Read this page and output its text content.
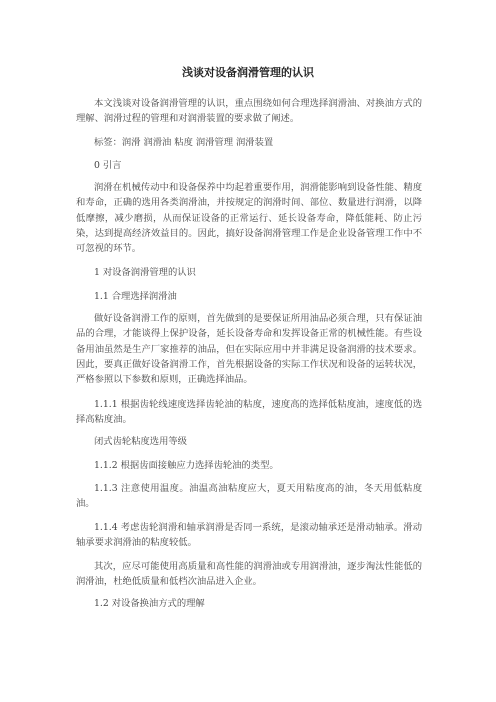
浅谈对设备润滑管理的认识

本文浅谈对设备润滑管理的认识，重点围绕如何合理选择润滑油、对换油方式的理解、润滑过程的管理和对润滑装置的要求做了阐述。

标签：润滑 润滑油 粘度 润滑管理 润滑装置

0 引言

润滑在机械传动中和设备保养中均起着重要作用，润滑能影响到设备性能、精度和寿命，正确的选用各类润滑油，并按规定的润滑时间、部位、数量进行润滑，以降低摩擦，减少磨损，从而保证设备的正常运行、延长设备寿命，降低能耗、防止污染，达到提高经济效益目的。因此，搞好设备润滑管理工作是企业设备管理工作中不可忽视的环节。

1 对设备润滑管理的认识
1.1 合理选择润滑油

做好设备润滑工作的原则，首先做到的是要保证所用油品必须合理，只有保证油品的合理，才能谈得上保护设备，延长设备寿命和发挥设备正常的机械性能。有些设备用油虽然是生产厂家推荐的油品，但在实际应用中并非满足设备润滑的技术要求。因此，要真正做好设备润滑工作，首先根据设备的实际工作状况和设备的运转状况，严格参照以下参数和原则，正确选择油品。

1.1.1 根据齿轮线速度选择齿轮油的粘度，速度高的选择低粘度油，速度低的选择高粘度油。

闭式齿轮粘度选用等级
1.1.2 根据齿面接触应力选择齿轮油的类型。

1.1.3 注意使用温度。油温高油粘度应大，夏天用粘度高的油，冬天用低粘度油。

1.1.4 考虑齿轮润滑和轴承润滑是否同一系统，是滚动轴承还是滑动轴承。滑动轴承要求润滑油的粘度较低。

其次，应尽可能使用高质量和高性能的润滑油或专用润滑油，逐步淘汰性能低的润滑油，杜绝低质量和低档次油品进入企业。

1.2 对设备换油方式的理解
